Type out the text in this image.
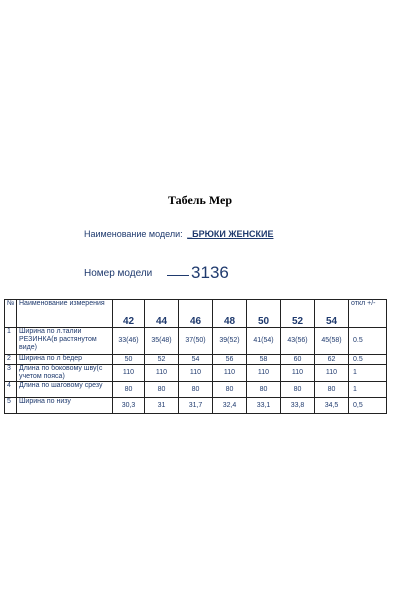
Табель Мер
Наименование модели: _БРЮКИ ЖЕНСКИЕ
Номер модели 3136
№	Наименование измерения	42	44	46	48	50	52	54	откл +/-
1	Ширина по л.талии РЕЗИНКА(в растянутом виде)	33(46)	35(48)	37(50)	39(52)	41(54)	43(56)	45(58)	0.5
2	Ширина по л бедер	50	52	54	56	58	60	62	0.5
3	Длина по боковому шву(с учетом пояса)	110	110	110	110	110	110	110	1
4	Длина по шаговому срезу	80	80	80	80	80	80	80	1
5	Ширина по низу	30,3	31	31,7	32,4	33,1	33,8	34,5	0,5
